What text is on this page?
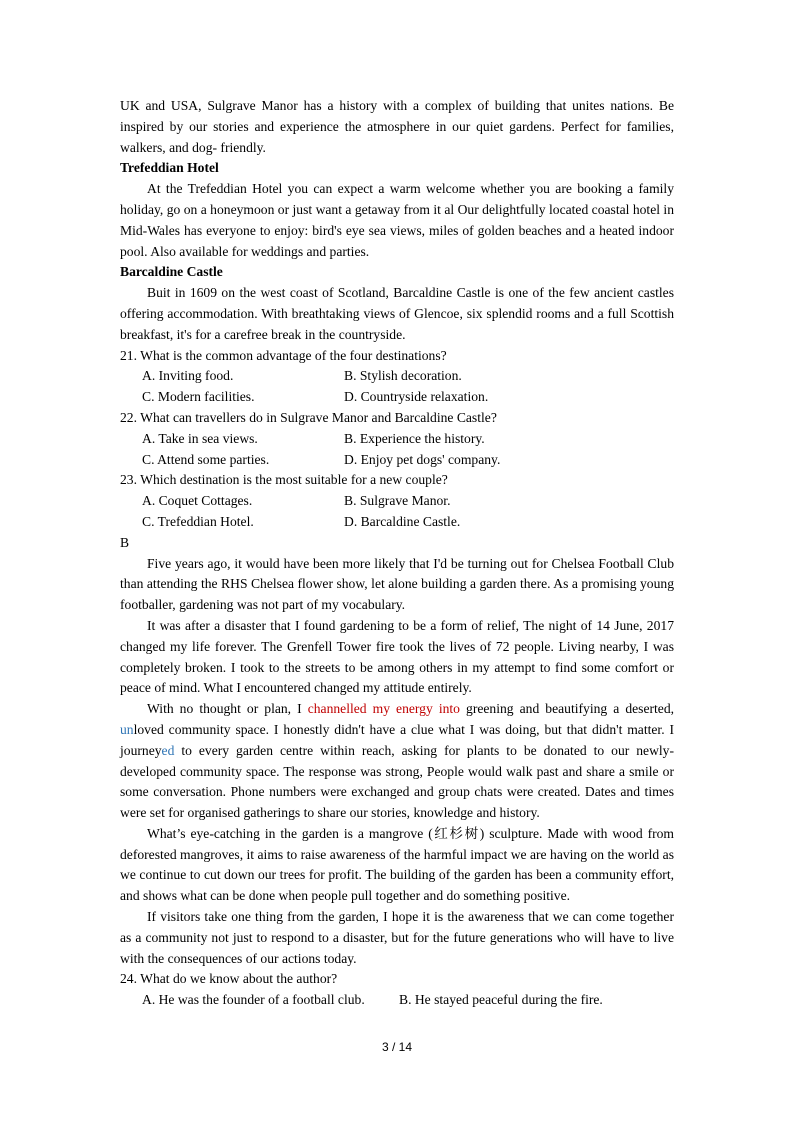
UK and USA, Sulgrave Manor has a history with a complex of building that unites nations. Be inspired by our stories and experience the atmosphere in our quiet gardens. Perfect for families, walkers, and dog- friendly.

Trefeddian Hotel

At the Trefeddian Hotel you can expect a warm welcome whether you are booking a family holiday, go on a honeymoon or just want a getaway from it al Our delightfully located coastal hotel in Mid-Wales has everyone to enjoy: bird's eye sea views, miles of golden beaches and a heated indoor pool. Also available for weddings and parties.

Barcaldine Castle

Buit in 1609 on the west coast of Scotland, Barcaldine Castle is one of the few ancient castles offering accommodation. With breathtaking views of Glencoe, six splendid rooms and a full Scottish breakfast, it's for a carefree break in the countryside.

21. What is the common advantage of the four destinations?

A. Inviting food.	B. Stylish decoration.
C. Modern facilities.	D. Countryside relaxation.

22. What can travellers do in Sulgrave Manor and Barcaldine Castle?

A. Take in sea views.	B. Experience the history.
C. Attend some parties.	D. Enjoy pet dogs' company.

23. Which destination is the most suitable for a new couple?

A. Coquet Cottages.	B. Sulgrave Manor.
C. Trefeddian Hotel.	D. Barcaldine Castle.

B

Five years ago, it would have been more likely that I'd be turning out for Chelsea Football Club than attending the RHS Chelsea flower show, let alone building a garden there. As a promising young footballer, gardening was not part of my vocabulary.

It was after a disaster that I found gardening to be a form of relief, The night of 14 June, 2017 changed my life forever. The Grenfell Tower fire took the lives of 72 people. Living nearby, I was completely broken. I took to the streets to be among others in my attempt to find some comfort or peace of mind. What I encountered changed my attitude entirely.

With no thought or plan, I channelled my energy into greening and beautifying a deserted, unloved community space. I honestly didn't have a clue what I was doing, but that didn't matter. I journeyed to every garden centre within reach, asking for plants to be donated to our newly-developed community space. The response was strong, People would walk past and share a smile or some conversation. Phone numbers were exchanged and group chats were created. Dates and times were set for organised gatherings to share our stories, knowledge and history.

What’s eye-catching in the garden is a mangrove (红杉树) sculpture. Made with wood from deforested mangroves, it aims to raise awareness of the harmful impact we are having on the world as we continue to cut down our trees for profit. The building of the garden has been a community effort, and shows what can be done when people pull together and do something positive.

If visitors take one thing from the garden, I hope it is the awareness that we can come together as a community not just to respond to a disaster, but for the future generations who will have to live with the consequences of our actions today.

24. What do we know about the author?

A. He was the founder of a football club.	B. He stayed peaceful during the fire.
3 / 14
